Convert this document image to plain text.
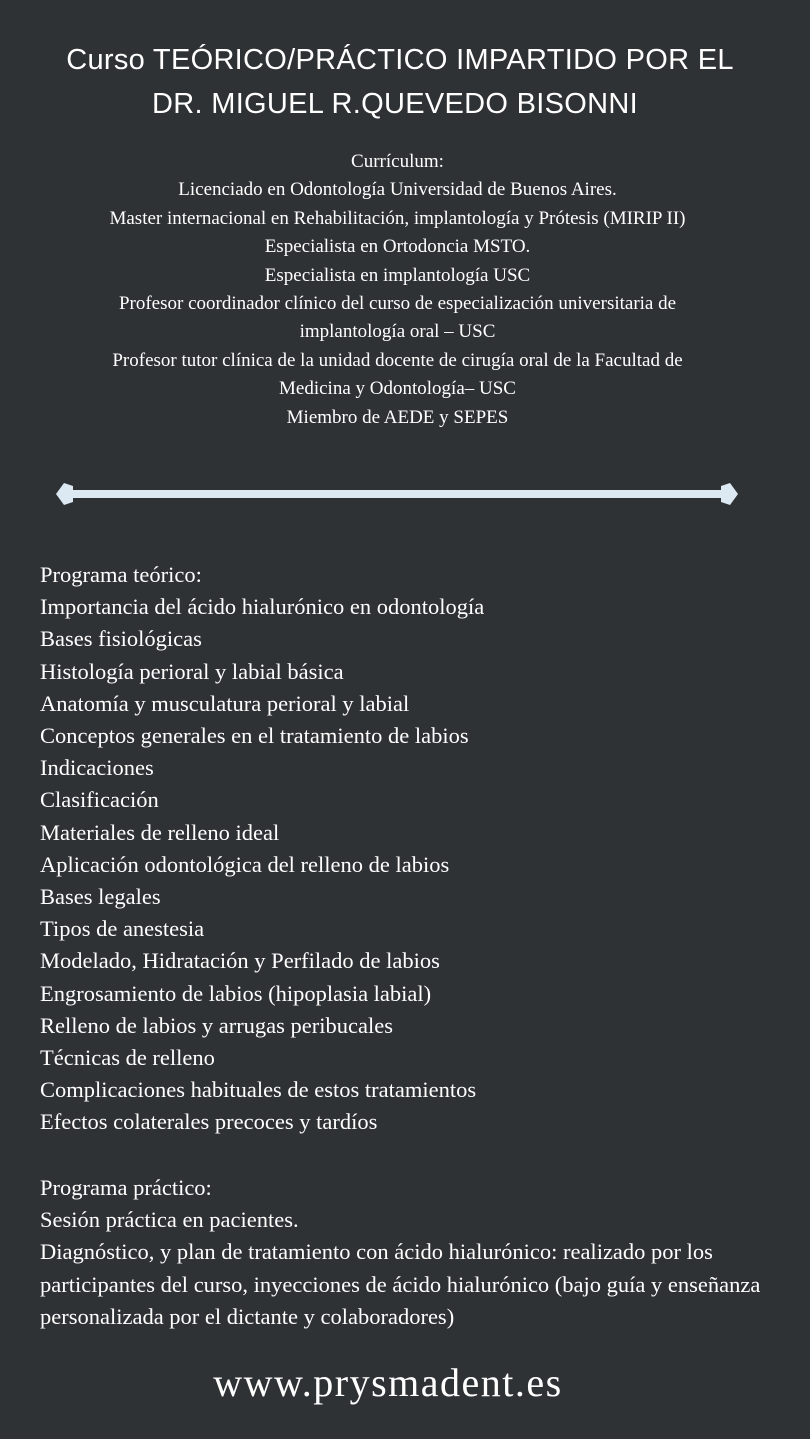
Curso TEÓRICO/PRÁCTICO IMPARTIDO POR EL
DR. MIGUEL R.QUEVEDO BISONNI
Currículum:
Licenciado en Odontología Universidad de Buenos Aires.
Master internacional en Rehabilitación, implantología y Prótesis (MIRIP II)
Especialista en Ortodoncia MSTO.
Especialista en implantología USC
Profesor coordinador clínico del curso de especialización universitaria de
implantología oral – USC
Profesor tutor clínica de la unidad docente de cirugía oral de la Facultad de
Medicina y Odontología– USC
Miembro de AEDE y SEPES
Programa teórico:
Importancia del ácido hialurónico en odontología
Bases fisiológicas
Histología perioral y labial básica
Anatomía y musculatura perioral y labial
Conceptos generales en el tratamiento de labios
Indicaciones
Clasificación
Materiales de relleno ideal
Aplicación odontológica del relleno de labios
Bases legales
Tipos de anestesia
Modelado, Hidratación y Perfilado de labios
Engrosamiento de labios (hipoplasia labial)
Relleno de labios y arrugas peribucales
Técnicas de relleno
Complicaciones habituales de estos tratamientos
Efectos colaterales precoces y tardíos
Programa práctico:
Sesión práctica en pacientes.
Diagnóstico, y plan de tratamiento con ácido hialurónico: realizado por los participantes del curso, inyecciones de ácido hialurónico (bajo guía y enseñanza personalizada por el dictante y colaboradores)
www.prysmadent.es
